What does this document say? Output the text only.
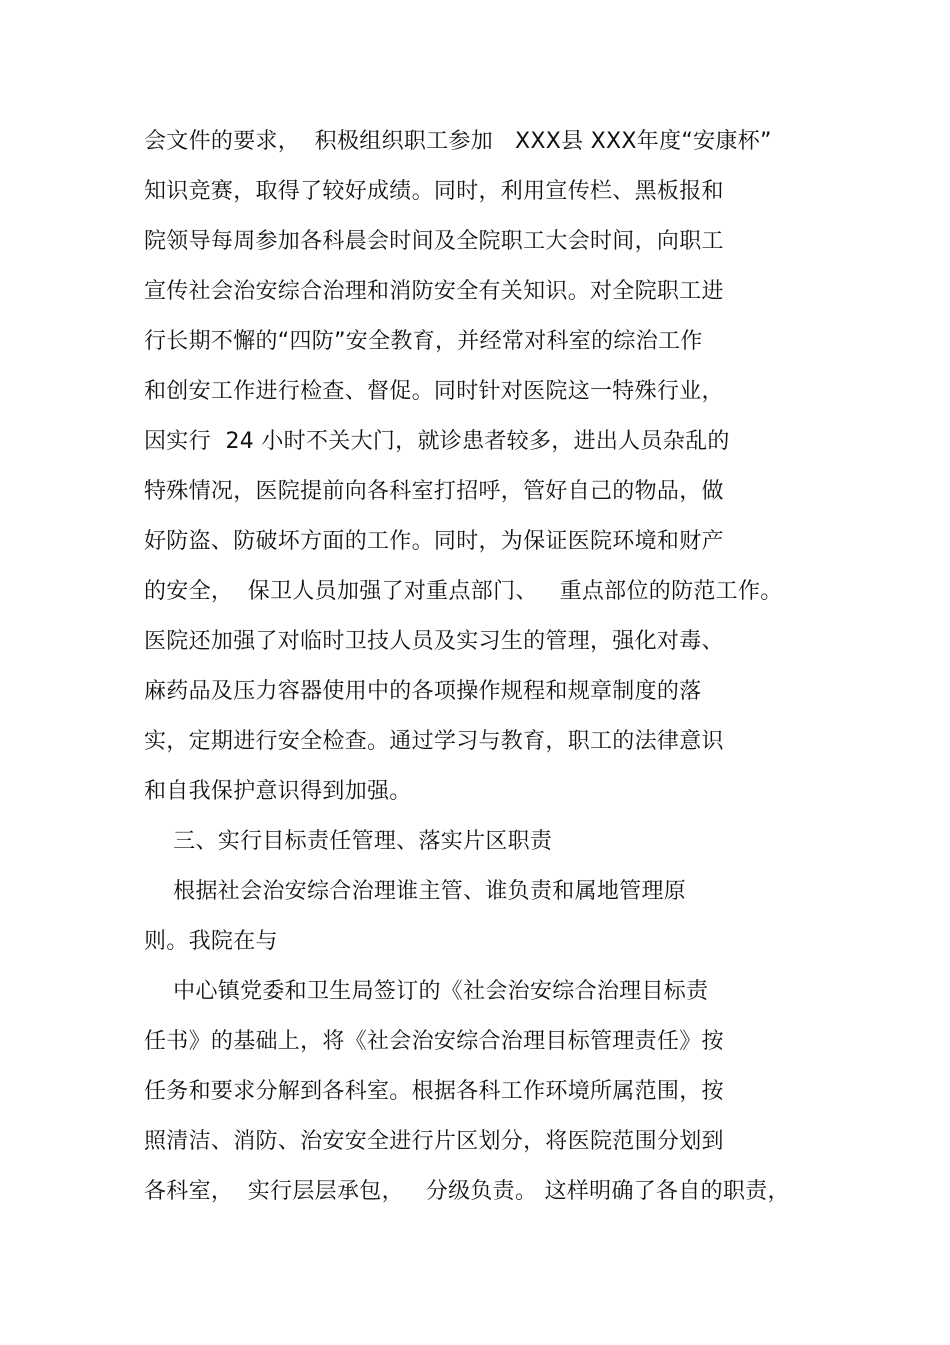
会文件的要求，  积极组织职工参加   XXX县 XXX年度“安康杯”
知识竞赛，取得了较好成绩。同时，利用宣传栏、黑板报和
院领导每周参加各科晨会时间及全院职工大会时间，向职工
宣传社会治安综合治理和消防安全有关知识。对全院职工进
行长期不懈的“四防”安全教育，并经常对科室的综治工作
和创安工作进行检查、督促。同时针对医院这一特殊行业，
因实行  24 小时不关大门，就诊患者较多，进出人员杂乱的
特殊情况，医院提前向各科室打招呼，管好自己的物品，做
好防盗、防破坏方面的工作。同时，为保证医院环境和财产
的安全，  保卫人员加强了对重点部门、   重点部位的防范工作。
医院还加强了对临时卫技人员及实习生的管理，强化对毒、
麻药品及压力容器使用中的各项操作规程和规章制度的落
实，定期进行安全检查。通过学习与教育，职工的法律意识
和自我保护意识得到加强。
三、实行目标责任管理、落实片区职责
根据社会治安综合治理谁主管、谁负责和属地管理原
则。我院在与
中心镇党委和卫生局签订的《社会治安综合治理目标责
任书》的基础上，将《社会治安综合治理目标管理责任》按
任务和要求分解到各科室。根据各科工作环境所属范围，按
照清洁、消防、治安安全进行片区划分，将医院范围分划到
各科室，  实行层层承包，   分级负责。 这样明确了各自的职责，
